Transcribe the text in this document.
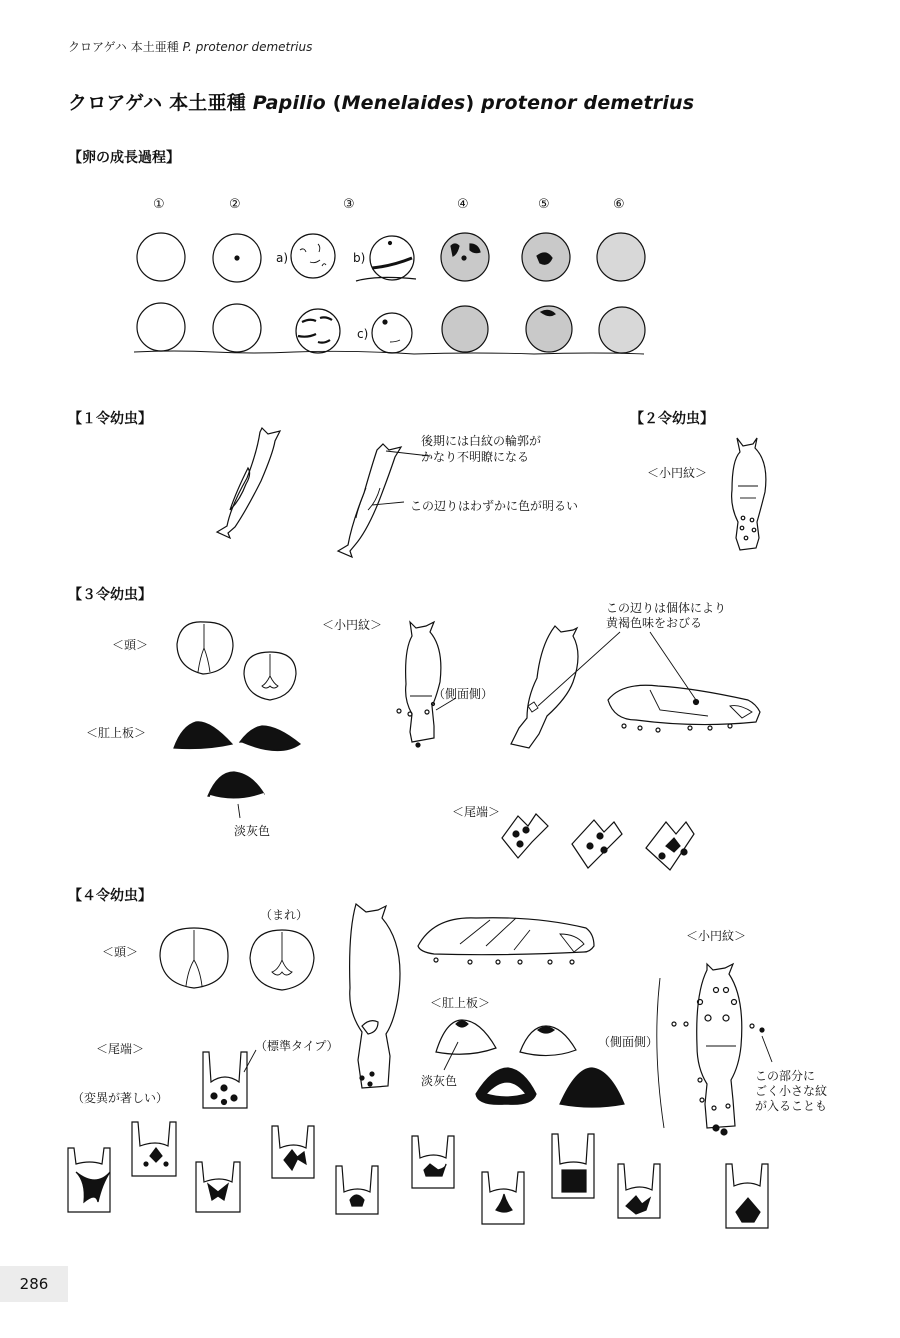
クロアゲハ 本土亜種 P. protenor demetrius
クロアゲハ 本土亜種 Papilio (Menelaides) protenor demetrius
【卵の成長過程】
【１令幼虫】	【２令幼虫】
【３令幼虫】
【４令幼虫】
①	②	③	④	⑤	⑥
a)	b)
c)
後期には白紋の輪郭が
かなり不明瞭になる
この辺りはわずかに色が明るい
＜小円紋＞
＜頭＞
＜肛上板＞
淡灰色
＜小円紋＞
（側面側）
この辺りは個体により
黄褐色味をおびる
＜尾端＞
＜頭＞
（まれ）
＜小円紋＞
＜肛上板＞
淡灰色
＜尾端＞	（標準タイプ）
（変異が著しい）
（側面側）
この部分に
ごく小さな紋
が入ることも
286
